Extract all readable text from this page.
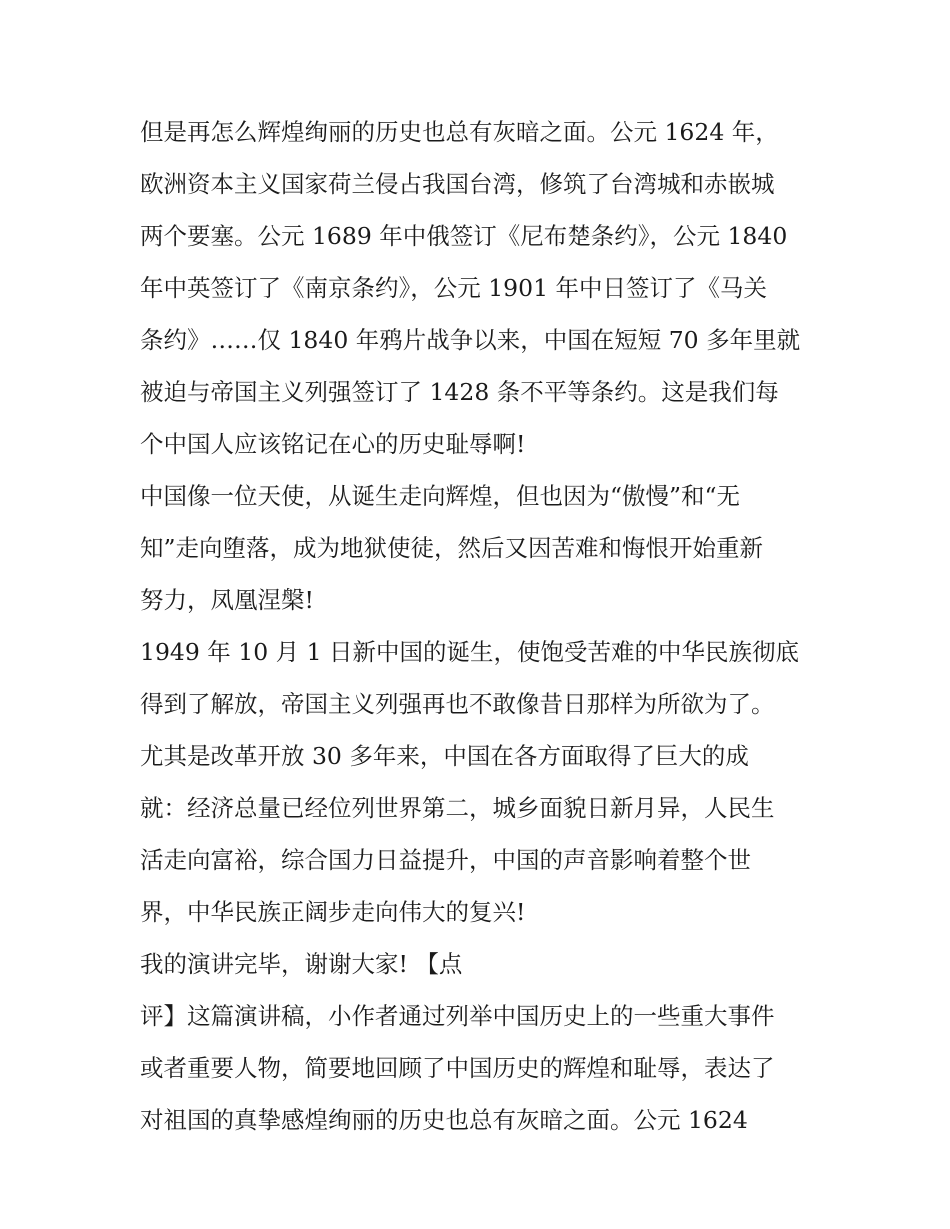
但是再怎么辉煌绚丽的历史也总有灰暗之面。公元 1624 年，
欧洲资本主义国家荷兰侵占我国台湾，修筑了台湾城和赤嵌城
两个要塞。公元 1689 年中俄签订《尼布楚条约》，公元 1840
年中英签订了《南京条约》，公元 1901 年中日签订了《马关
条约》……仅 1840 年鸦片战争以来，中国在短短 70 多年里就
被迫与帝国主义列强签订了 1428 条不平等条约。这是我们每
个中国人应该铭记在心的历史耻辱啊!
中国像一位天使，从诞生走向辉煌，但也因为“傲慢”和“无
知”走向堕落，成为地狱使徒，然后又因苦难和悔恨开始重新
努力，凤凰涅槃!
1949 年 10 月 1 日新中国的诞生，使饱受苦难的中华民族彻底
得到了解放，帝国主义列强再也不敢像昔日那样为所欲为了。
尤其是改革开放 30 多年来，中国在各方面取得了巨大的成
就：经济总量已经位列世界第二，城乡面貌日新月异，人民生
活走向富裕，综合国力日益提升，中国的声音影响着整个世
界，中华民族正阔步走向伟大的复兴!
我的演讲完毕，谢谢大家! 【点
评】这篇演讲稿，小作者通过列举中国历史上的一些重大事件
或者重要人物，简要地回顾了中国历史的辉煌和耻辱，表达了
对祖国的真挚感煌绚丽的历史也总有灰暗之面。公元 1624
